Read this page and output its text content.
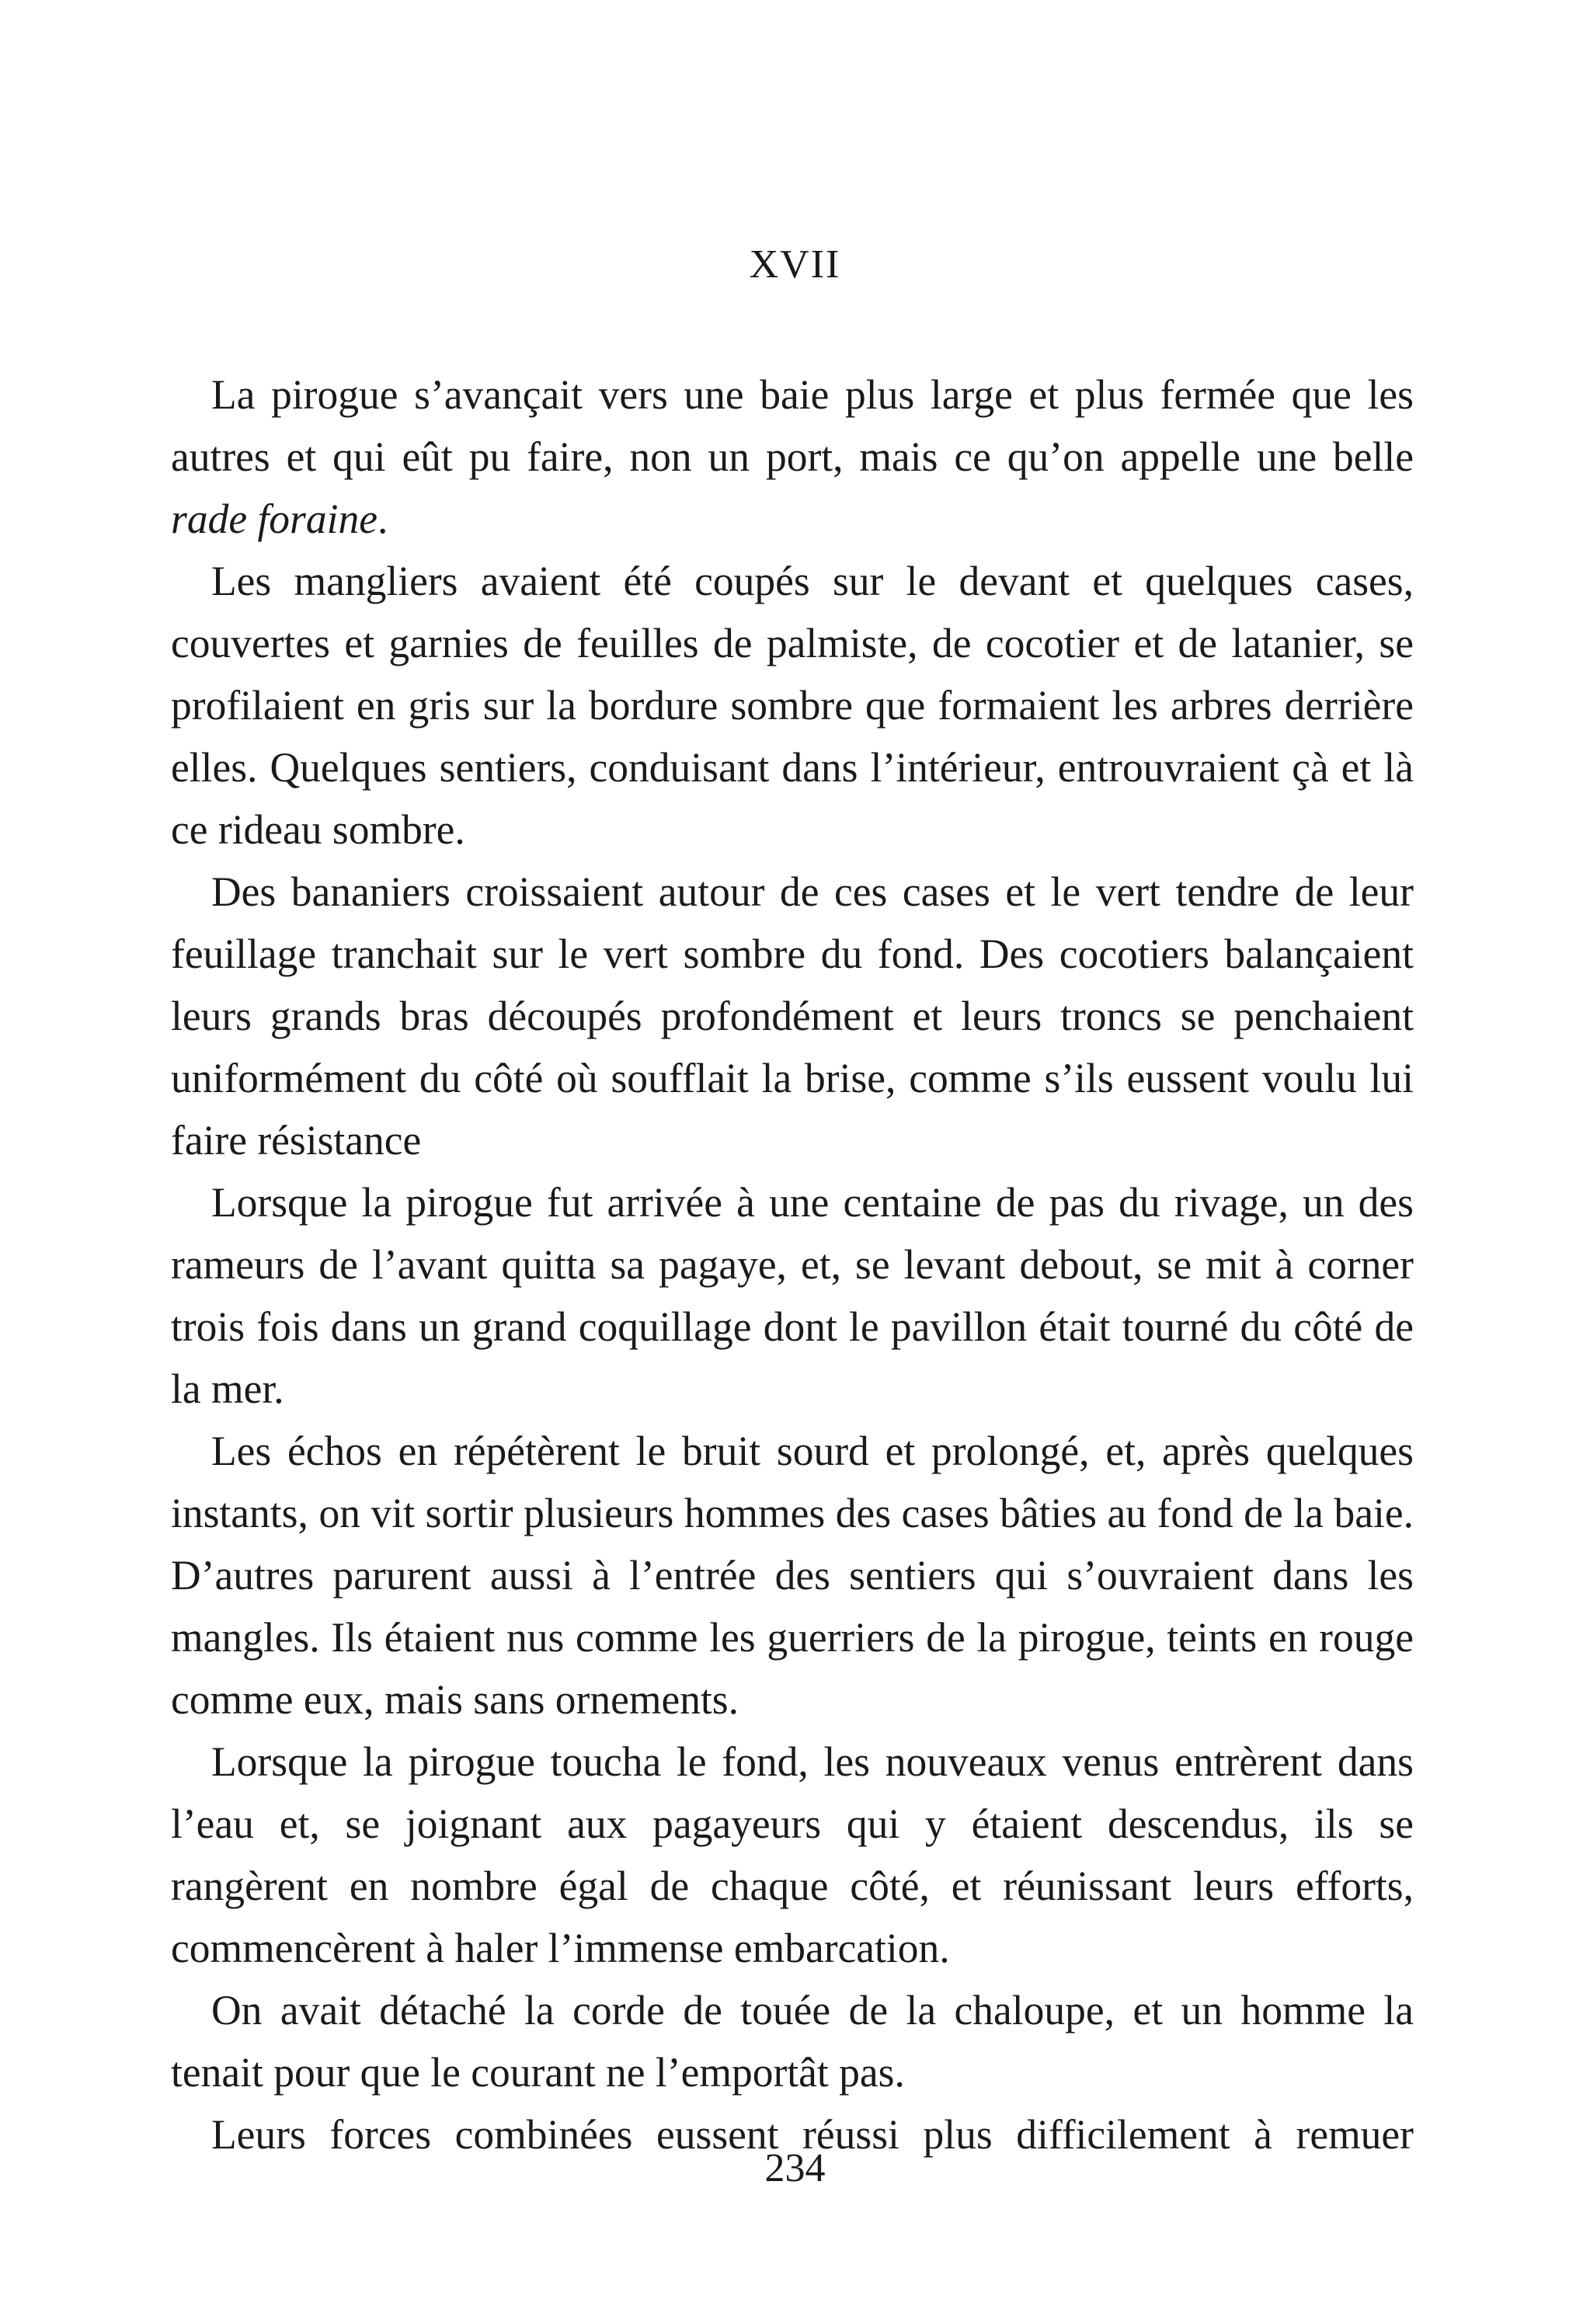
XVII

La pirogue s’avançait vers une baie plus large et plus fermée que les autres et qui eût pu faire, non un port, mais ce qu’on appelle une belle rade foraine.

Les mangliers avaient été coupés sur le devant et quelques cases, couvertes et garnies de feuilles de palmiste, de cocotier et de latanier, se profilaient en gris sur la bordure sombre que formaient les arbres derrière elles. Quelques sentiers, conduisant dans l’intérieur, entrouvraient çà et là ce rideau sombre.

Des bananiers croissaient autour de ces cases et le vert tendre de leur feuillage tranchait sur le vert sombre du fond. Des cocotiers balançaient leurs grands bras découpés profondément et leurs troncs se penchaient uniformément du côté où soufflait la brise, comme s’ils eussent voulu lui faire résistance

Lorsque la pirogue fut arrivée à une centaine de pas du rivage, un des rameurs de l’avant quitta sa pagaye, et, se levant debout, se mit à corner trois fois dans un grand coquillage dont le pavillon était tourné du côté de la mer.

Les échos en répétèrent le bruit sourd et prolongé, et, après quelques instants, on vit sortir plusieurs hommes des cases bâties au fond de la baie. D’autres parurent aussi à l’entrée des sentiers qui s’ouvraient dans les mangles. Ils étaient nus comme les guerriers de la pirogue, teints en rouge comme eux, mais sans ornements.

Lorsque la pirogue toucha le fond, les nouveaux venus entrèrent dans l’eau et, se joignant aux pagayeurs qui y étaient descendus, ils se rangèrent en nombre égal de chaque côté, et réunissant leurs efforts, commencèrent à haler l’immense embarcation.

On avait détaché la corde de touée de la chaloupe, et un homme la tenait pour que le courant ne l’emportât pas.

Leurs forces combinées eussent réussi plus difficilement à remuer

234
